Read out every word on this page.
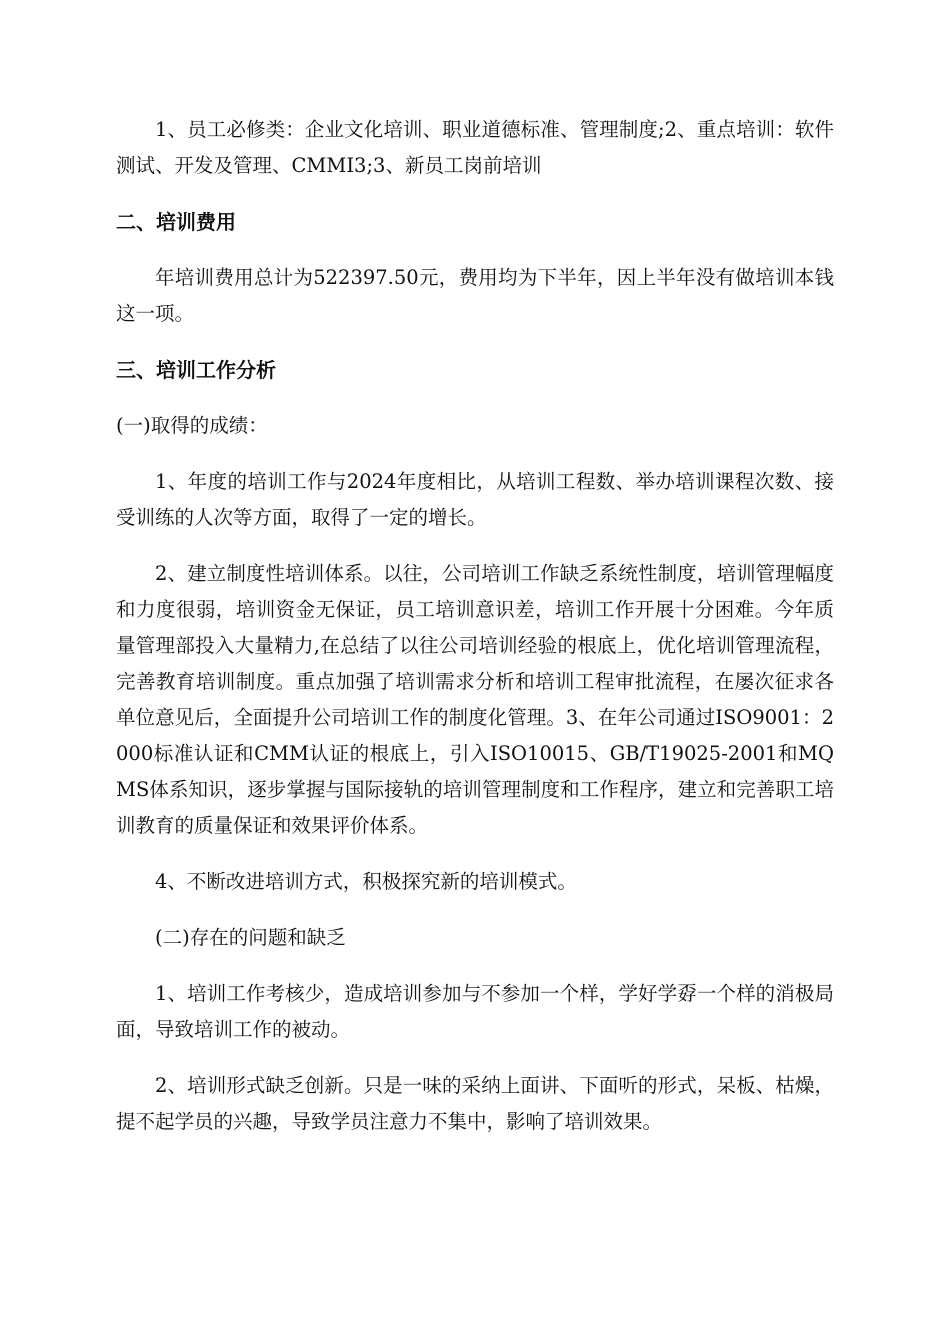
1、员工必修类：企业文化培训、职业道德标准、管理制度;2、重点培训：软件测试、开发及管理、CMMI3;3、新员工岗前培训

二、培训费用

年培训费用总计为522397.50元，费用均为下半年，因上半年没有做培训本钱这一项。

三、培训工作分析

(一)取得的成绩：

1、年度的培训工作与2024年度相比，从培训工程数、举办培训课程次数、接受训练的人次等方面，取得了一定的增长。

2、建立制度性培训体系。以往，公司培训工作缺乏系统性制度，培训管理幅度和力度很弱，培训资金无保证，员工培训意识差，培训工作开展十分困难。今年质量管理部投入大量精力,在总结了以往公司培训经验的根底上，优化培训管理流程，完善教育培训制度。重点加强了培训需求分析和培训工程审批流程，在屡次征求各单位意见后，全面提升公司培训工作的制度化管理。3、在年公司通过ISO9001：2000标准认证和CMM认证的根底上，引入ISO10015、GB/T19025-2001和MQMS体系知识，逐步掌握与国际接轨的培训管理制度和工作程序，建立和完善职工培训教育的质量保证和效果评价体系。

4、不断改进培训方式，积极探究新的培训模式。

(二)存在的问题和缺乏

1、培训工作考核少，造成培训参加与不参加一个样，学好学孬一个样的消极局面，导致培训工作的被动。

2、培训形式缺乏创新。只是一味的采纳上面讲、下面听的形式，呆板、枯燥，提不起学员的兴趣，导致学员注意力不集中，影响了培训效果。
